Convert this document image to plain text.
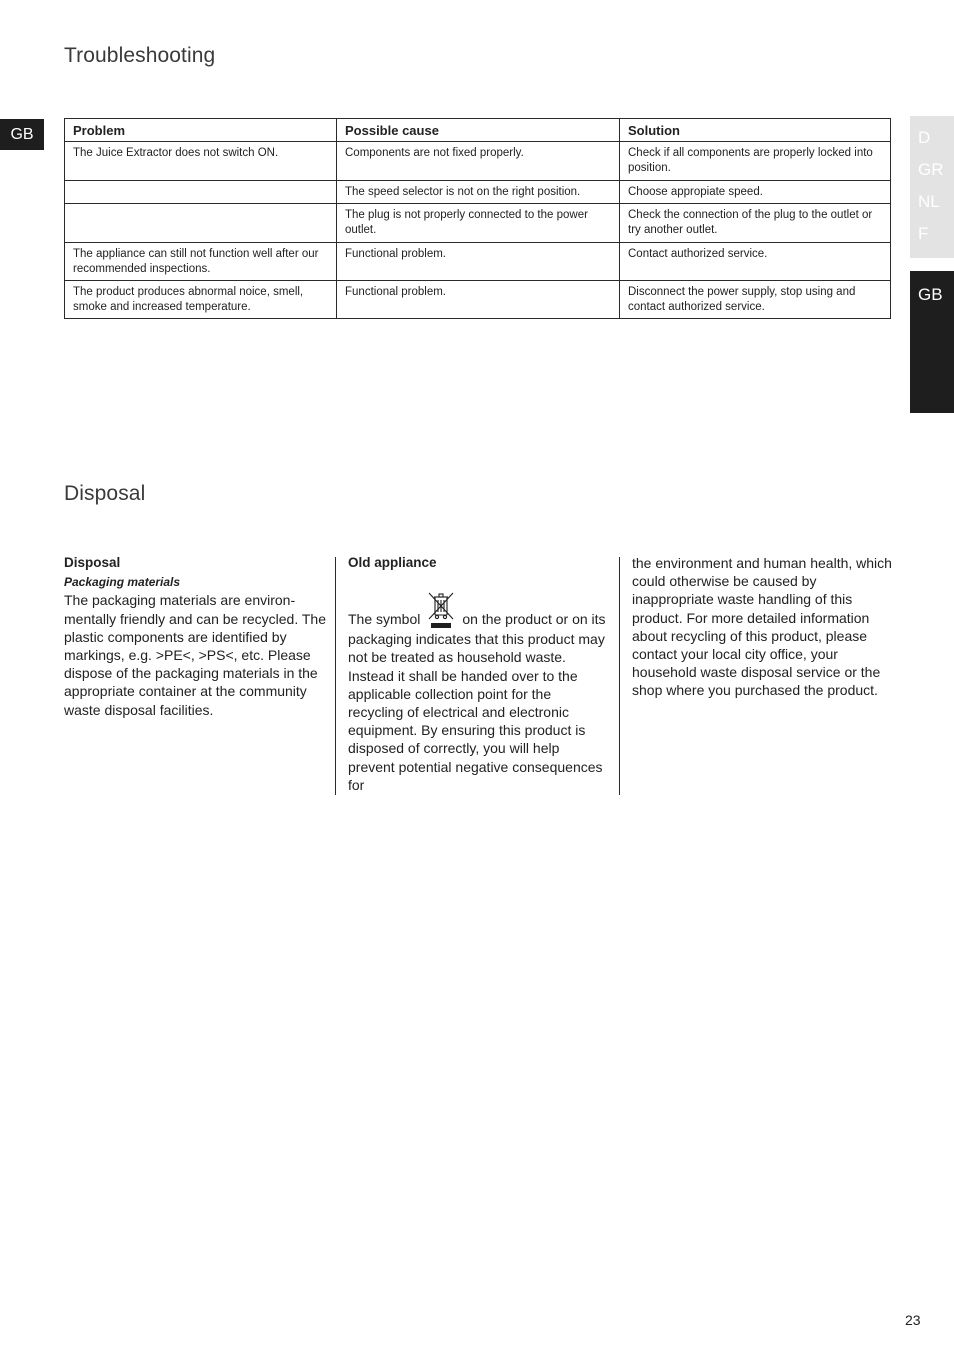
Troubleshooting
GB	D
GR
NL
F
GB
Problem	Possible cause	Solution
The Juice Extractor does not switch ON.	Components are not fixed properly.	Check if all components are properly locked into position.
	The speed selector is not on the right position.	Choose appropiate speed.
	The plug is not properly connected to the power outlet.	Check the connection of the plug to the outlet or try another outlet.
The appliance can still not function well after our recommended inspections.	Functional problem.	Contact authorized service.
The product produces abnormal noice, smell, smoke and increased temperature.	Functional problem.	Disconnect the power supply, stop using and contact authorized service.
Disposal
Disposal
Packaging materials

The packaging materials are environ-mentally friendly and can be recycled. The plastic components are identified by markings, e.g. >PE<, >PS<, etc. Please dispose of the packaging materials in the appropriate container at the community waste disposal facilities.

Old appliance

The symbol	on the product or on its packaging indicates that this product may not be treated as household waste. Instead it shall be handed over to the applicable collection point for the recycling of electrical and electronic equipment. By ensuring this product is disposed of correctly, you will help prevent potential negative consequences for

the environment and human health, which could otherwise be caused by inappropriate waste handling of this product. For more detailed information about recycling of this product, please contact your local city office, your household waste disposal service or the shop where you purchased the product.

23
